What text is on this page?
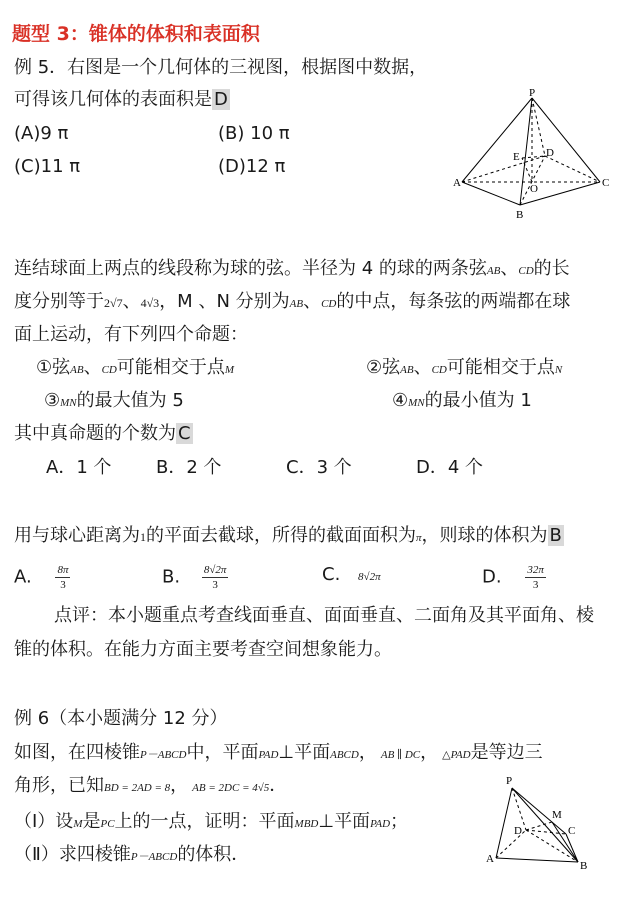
题型 3：锥体的体积和表面积
例 5．右图是一个几何体的三视图，根据图中数据，
可得该几何体的表面积是 D
(A)9 π	(B) 10 π
(C)11 π	(D)12 π
P
E D
O
A	C
B
连结球面上两点的线段称为球的弦。半径为 4 的球的两条弦AB、CD的长
度分别等于2√7、4√3，M 、N 分别为AB、CD的中点，每条弦的两端都在球
面上运动，有下列四个命题：
①弦AB、CD可能相交于点M	②弦AB、CD可能相交于点N
③MN的最大值为 5	④MN的最小值为 1
其中真命题的个数为 C
A．1 个 B．2 个	C．3 个	D．4 个
用与球心距离为1的平面去截球，所得的截面面积为π，则球的体积为 B
A. $\frac{8\pi}{3}$	B. $\frac{8√2\pi}{3}$	C. 8√2π	D. $\frac{32\pi}{3}$
点评：本小题重点考查线面垂直、面面垂直、二面角及其平面角、棱
锥的体积。在能力方面主要考查空间想象能力。
例 6（本小题满分 12 分）
如图，在四棱锥P－ABCD中，平面PAD⊥平面ABCD， AB ∥ DC， △PAD是等边三
角形，已知BD = 2AD = 8， AB = 2DC = 4√5．
（Ⅰ）设M是PC上的一点，证明：平面MBD⊥平面PAD；
（Ⅱ）求四棱锥P－ABCD的体积．
P
M
D	C
A
B
